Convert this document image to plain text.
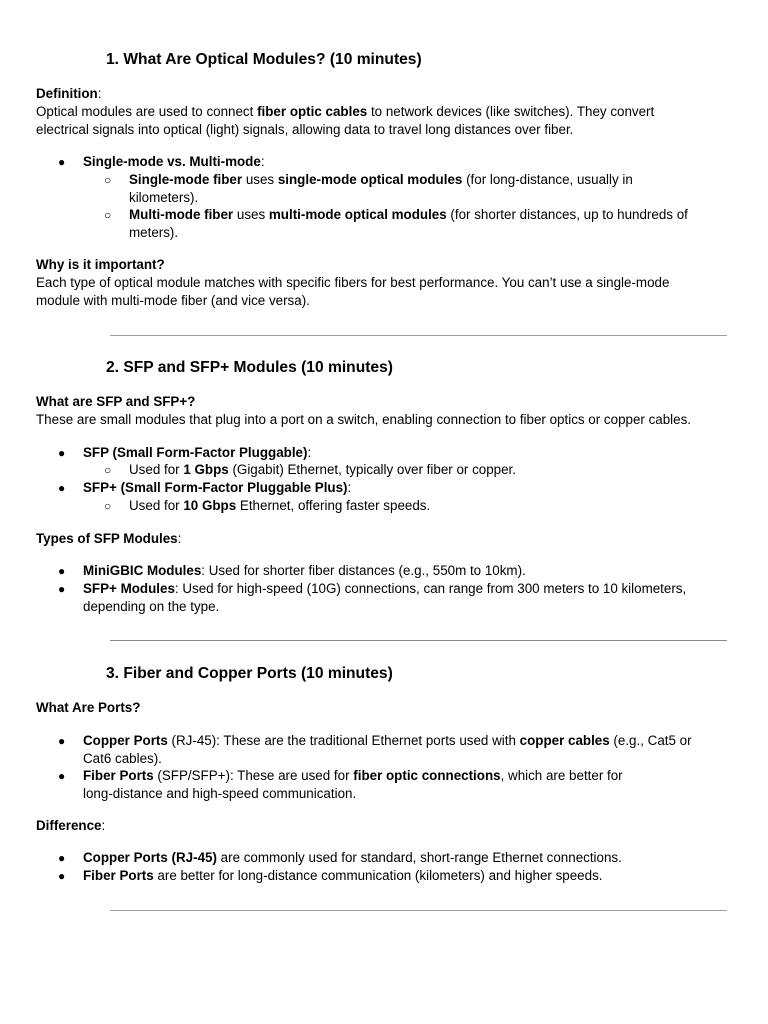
1. What Are Optical Modules? (10 minutes)
Definition:
Optical modules are used to connect fiber optic cables to network devices (like switches). They convert
electrical signals into optical (light) signals, allowing data to travel long distances over fiber.
●	Single-mode vs. Multi-mode:
○	Single-mode fiber uses single-mode optical modules (for long-distance, usually in
kilometers).
○	Multi-mode fiber uses multi-mode optical modules (for shorter distances, up to hundreds of
meters).
Why is it important?
Each type of optical module matches with specific fibers for best performance. You can’t use a single-mode
module with multi-mode fiber (and vice versa).
2. SFP and SFP+ Modules (10 minutes)
What are SFP and SFP+?
These are small modules that plug into a port on a switch, enabling connection to fiber optics or copper cables.
●	SFP (Small Form-Factor Pluggable):
○	Used for 1 Gbps (Gigabit) Ethernet, typically over fiber or copper.
●	SFP+ (Small Form-Factor Pluggable Plus):
○	Used for 10 Gbps Ethernet, offering faster speeds.
Types of SFP Modules:
●	MiniGBIC Modules: Used for shorter fiber distances (e.g., 550m to 10km).
●	SFP+ Modules: Used for high-speed (10G) connections, can range from 300 meters to 10 kilometers,
depending on the type.
3. Fiber and Copper Ports (10 minutes)
What Are Ports?
●	Copper Ports (RJ-45): These are the traditional Ethernet ports used with copper cables (e.g., Cat5 or
Cat6 cables).
●	Fiber Ports (SFP/SFP+): These are used for fiber optic connections, which are better for
long-distance and high-speed communication.
Difference:
●	Copper Ports (RJ-45) are commonly used for standard, short-range Ethernet connections.
●	Fiber Ports are better for long-distance communication (kilometers) and higher speeds.
